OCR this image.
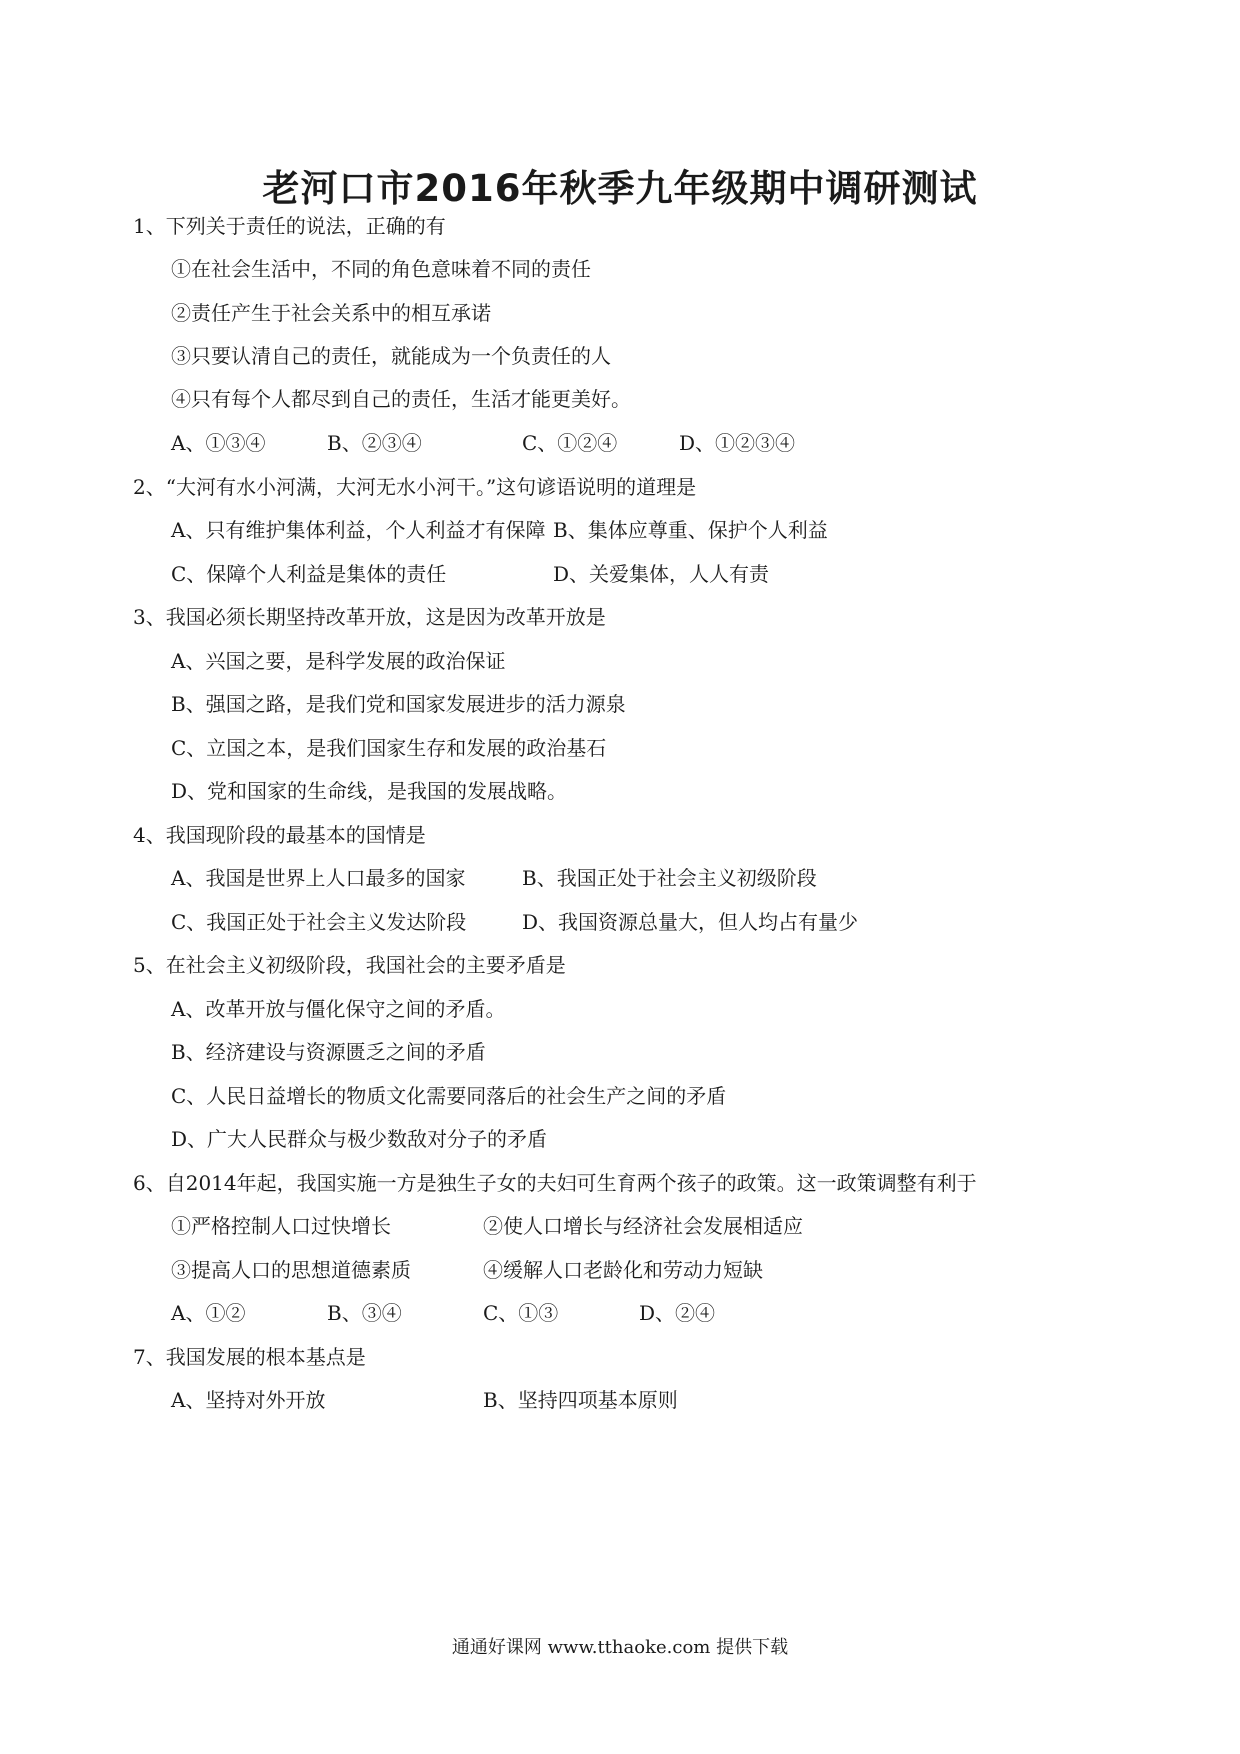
老河口市2016年秋季九年级期中调研测试
1、下列关于责任的说法，正确的有
①在社会生活中，不同的角色意味着不同的责任
②责任产生于社会关系中的相互承诺
③只要认清自己的责任，就能成为一个负责任的人
④只有每个人都尽到自己的责任，生活才能更美好。
A、①③④	B、②③④	C、①②④	D、①②③④
2、“大河有水小河满，大河无水小河干。”这句谚语说明的道理是
A、只有维护集体利益，个人利益才有保障 B、集体应尊重、保护个人利益
C、保障个人利益是集体的责任	D、关爱集体，人人有责
3、我国必须长期坚持改革开放，这是因为改革开放是
A、兴国之要，是科学发展的政治保证
B、强国之路，是我们党和国家发展进步的活力源泉
C、立国之本，是我们国家生存和发展的政治基石
D、党和国家的生命线，是我国的发展战略。
4、我国现阶段的最基本的国情是
A、我国是世界上人口最多的国家	B、我国正处于社会主义初级阶段
C、我国正处于社会主义发达阶段	D、我国资源总量大，但人均占有量少
5、在社会主义初级阶段，我国社会的主要矛盾是
A、改革开放与僵化保守之间的矛盾。
B、经济建设与资源匮乏之间的矛盾
C、人民日益增长的物质文化需要同落后的社会生产之间的矛盾
D、广大人民群众与极少数敌对分子的矛盾
6、自2014年起，我国实施一方是独生子女的夫妇可生育两个孩子的政策。这一政策调整有利于
①严格控制人口过快增长	②使人口增长与经济社会发展相适应
③提高人口的思想道德素质	④缓解人口老龄化和劳动力短缺
A、①②	B、③④	C、①③	D、②④
7、我国发展的根本基点是
A、坚持对外开放	B、坚持四项基本原则
通通好课网 www.tthaoke.com 提供下载
